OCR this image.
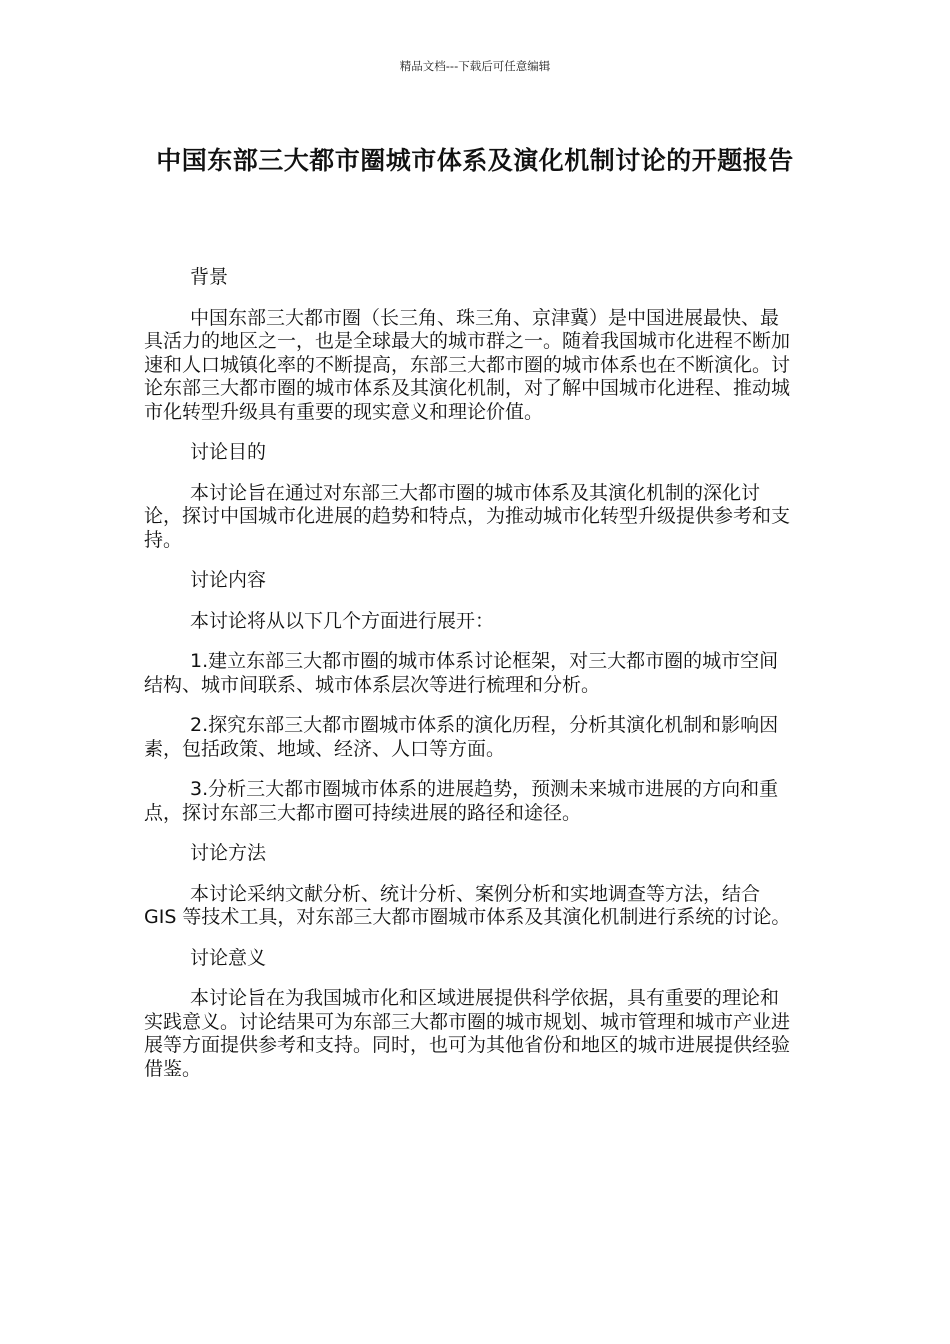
精品文档---下载后可任意编辑
中国东部三大都市圈城市体系及演化机制讨论的开题报告

背景

中国东部三大都市圈（长三角、珠三角、京津冀）是中国进展最快、最具活力的地区之一，也是全球最大的城市群之一。随着我国城市化进程不断加速和人口城镇化率的不断提高，东部三大都市圈的城市体系也在不断演化。讨论东部三大都市圈的城市体系及其演化机制，对了解中国城市化进程、推动城市化转型升级具有重要的现实意义和理论价值。

讨论目的

本讨论旨在通过对东部三大都市圈的城市体系及其演化机制的深化讨论，探讨中国城市化进展的趋势和特点，为推动城市化转型升级提供参考和支持。

讨论内容

本讨论将从以下几个方面进行展开：

1.建立东部三大都市圈的城市体系讨论框架，对三大都市圈的城市空间结构、城市间联系、城市体系层次等进行梳理和分析。

2.探究东部三大都市圈城市体系的演化历程，分析其演化机制和影响因素，包括政策、地域、经济、人口等方面。

3.分析三大都市圈城市体系的进展趋势，预测未来城市进展的方向和重点，探讨东部三大都市圈可持续进展的路径和途径。

讨论方法

本讨论采纳文献分析、统计分析、案例分析和实地调查等方法，结合 GIS 等技术工具，对东部三大都市圈城市体系及其演化机制进行系统的讨论。

讨论意义

本讨论旨在为我国城市化和区域进展提供科学依据，具有重要的理论和实践意义。讨论结果可为东部三大都市圈的城市规划、城市管理和城市产业进展等方面提供参考和支持。同时，也可为其他省份和地区的城市进展提供经验借鉴。
